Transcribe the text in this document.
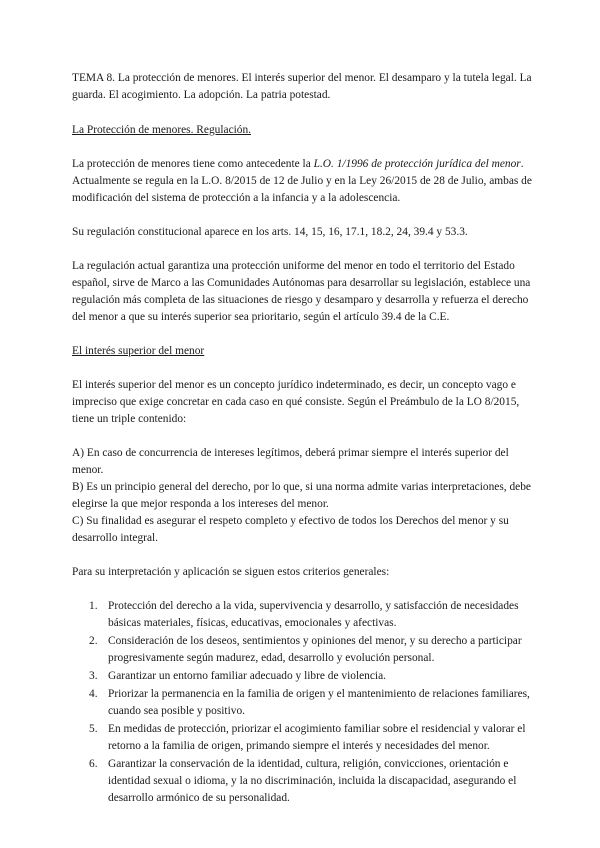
TEMA 8. La protección de menores. El interés superior del menor. El desamparo y la tutela legal. La guarda. El acogimiento. La adopción. La patria potestad.

La Protección de menores. Regulación.

La protección de menores tiene como antecedente la L.O. 1/1996 de protección jurídica del menor. Actualmente se regula en la L.O. 8/2015 de 12 de Julio y en la Ley 26/2015 de 28 de Julio, ambas de modificación del sistema de protección a la infancia y a la adolescencia.

Su regulación constitucional aparece en los arts. 14, 15, 16, 17.1, 18.2, 24, 39.4 y 53.3.

La regulación actual garantiza una protección uniforme del menor en todo el territorio del Estado español, sirve de Marco a las Comunidades Autónomas para desarrollar su legislación, establece una regulación más completa de las situaciones de riesgo y desamparo y desarrolla y refuerza el derecho del menor a que su interés superior sea prioritario, según el artículo 39.4 de la C.E.

El interés superior del menor

El interés superior del menor es un concepto jurídico indeterminado, es decir, un concepto vago e impreciso que exige concretar en cada caso en qué consiste. Según el Preámbulo de la LO 8/2015, tiene un triple contenido:

A) En caso de concurrencia de intereses legítimos, deberá primar siempre el interés superior del menor.

B) Es un principio general del derecho, por lo que, si una norma admite varias interpretaciones, debe elegirse la que mejor responda a los intereses del menor.

C) Su finalidad es asegurar el respeto completo y efectivo de todos los Derechos del menor y su desarrollo integral.

Para su interpretación y aplicación se siguen estos criterios generales:

1. Protección del derecho a la vida, supervivencia y desarrollo, y satisfacción de necesidades básicas materiales, físicas, educativas, emocionales y afectivas.
2. Consideración de los deseos, sentimientos y opiniones del menor, y su derecho a participar progresivamente según madurez, edad, desarrollo y evolución personal.
3. Garantizar un entorno familiar adecuado y libre de violencia.
4. Priorizar la permanencia en la familia de origen y el mantenimiento de relaciones familiares, cuando sea posible y positivo.
5. En medidas de protección, priorizar el acogimiento familiar sobre el residencial y valorar el retorno a la familia de origen, primando siempre el interés y necesidades del menor.
6. Garantizar la conservación de la identidad, cultura, religión, convicciones, orientación e identidad sexual o idioma, y la no discriminación, incluida la discapacidad, asegurando el desarrollo armónico de su personalidad.
